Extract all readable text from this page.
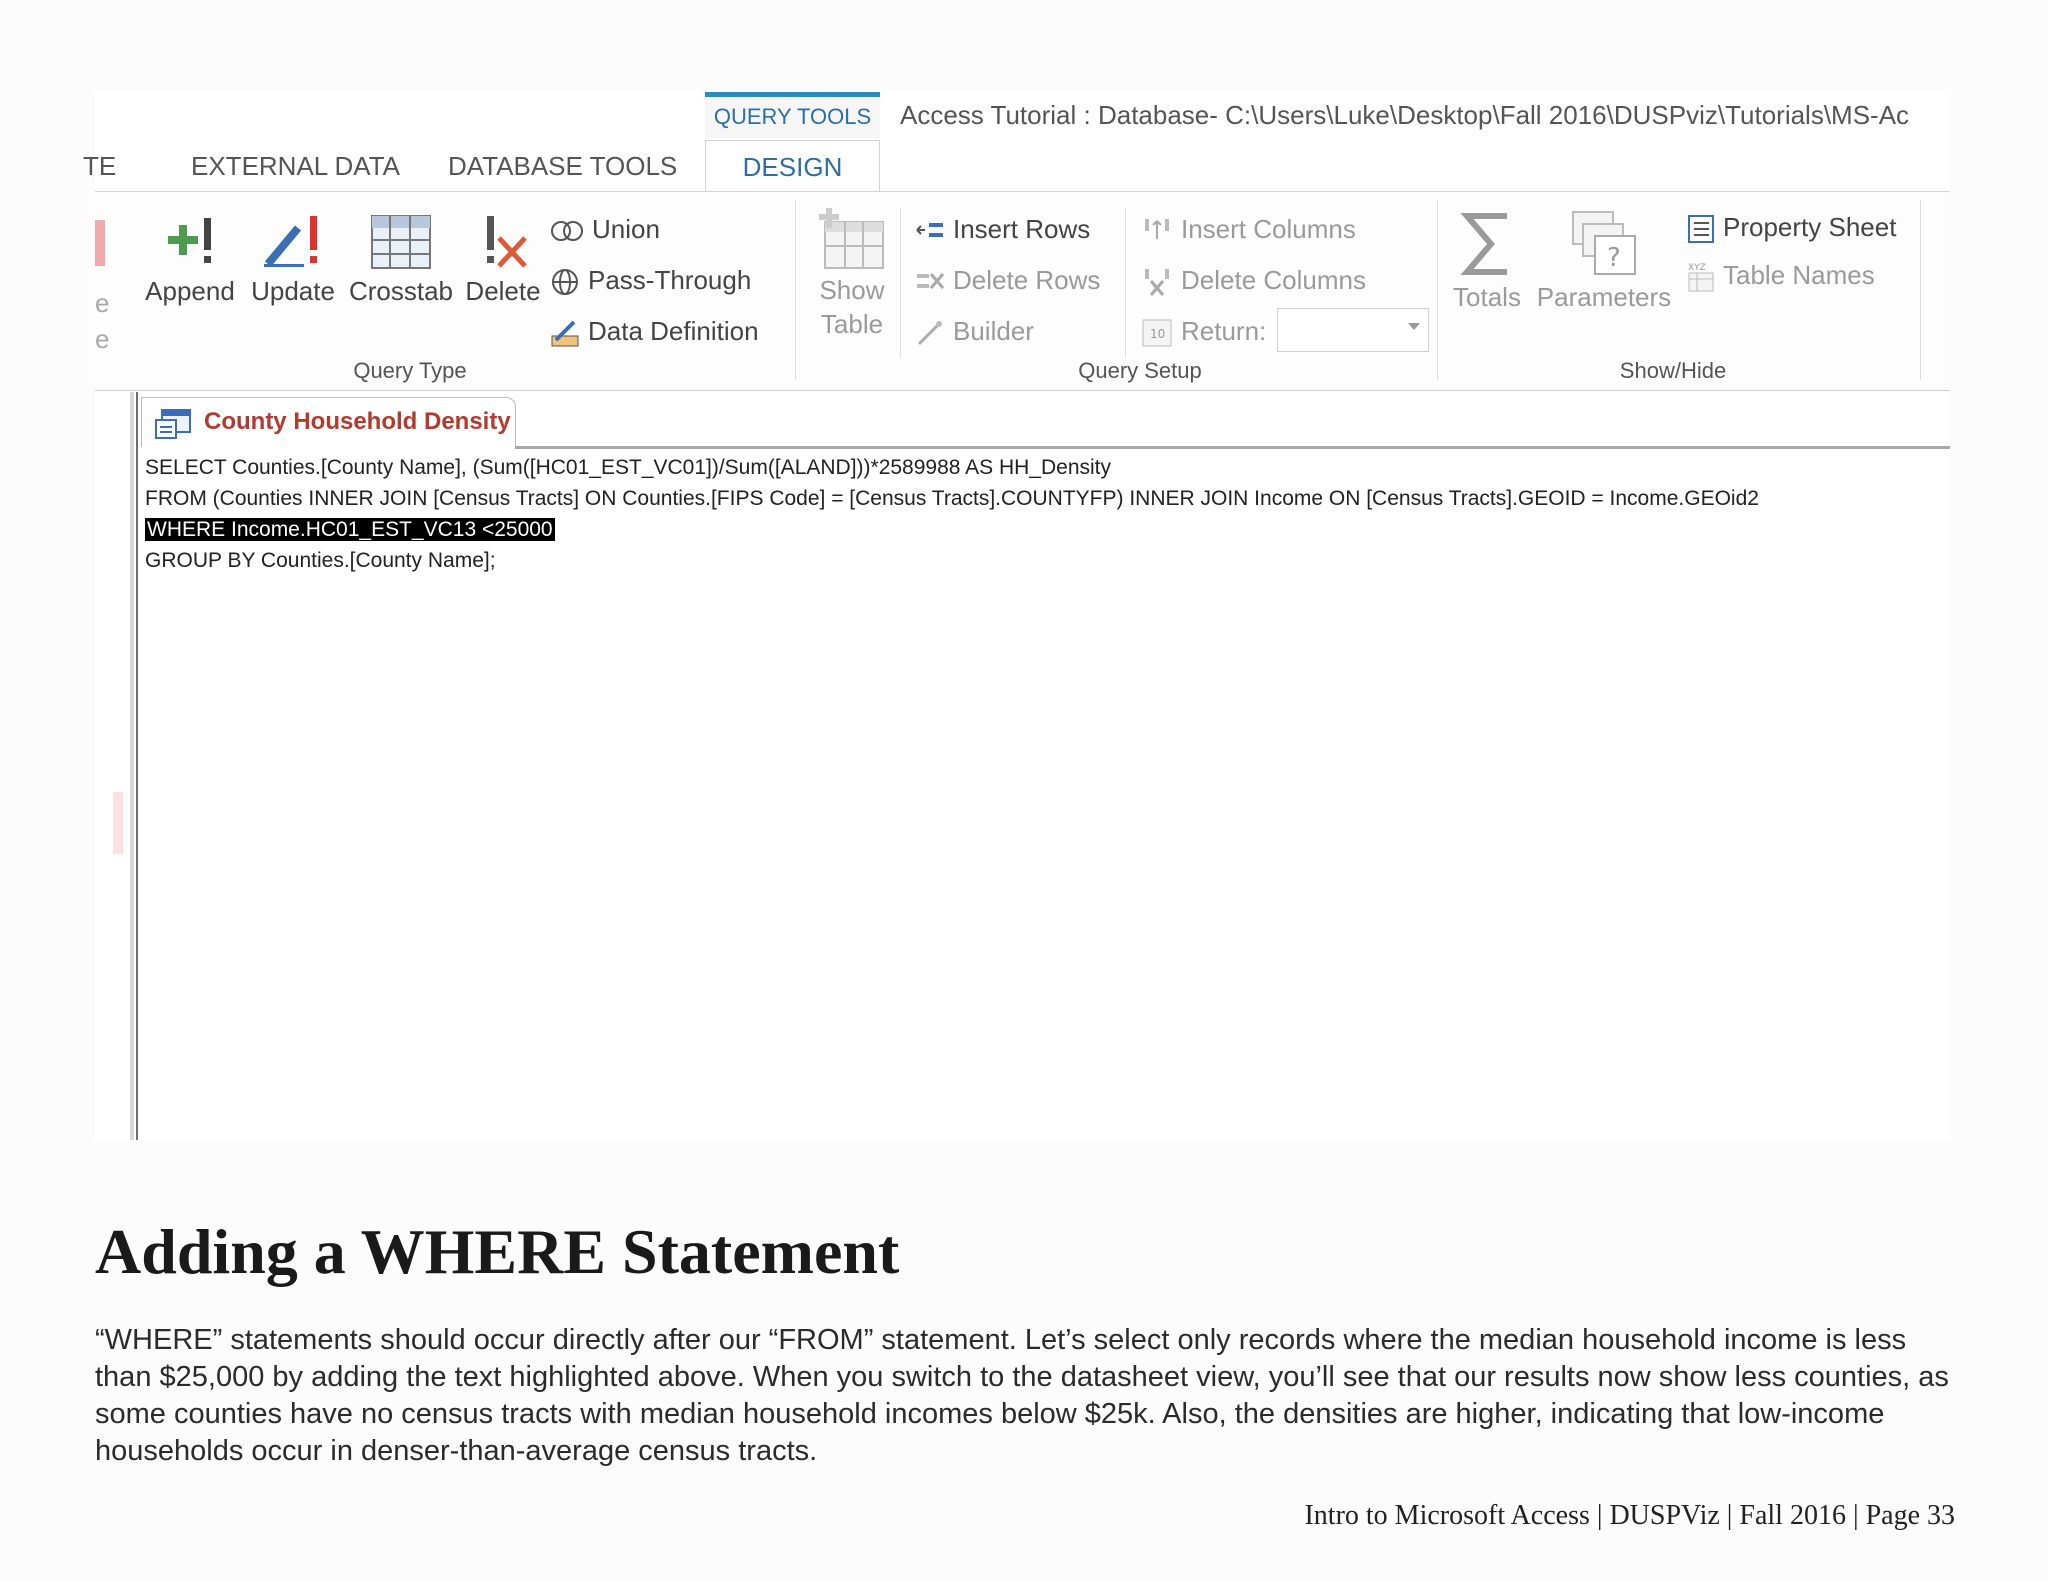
QUERY TOOLS	Access Tutorial : Database- C:\Users\Luke\Desktop\Fall 2016\DUSPviz\Tutorials\MS-Ac
TE	EXTERNAL DATA DATABASE TOOLS	DESIGN
e
e
Append Update Crosstab Delete
Union
Pass-Through
Data Definition
Query Type
Show
Table
Insert Rows
Delete Rows
Builder
Insert Columns
Delete Columns
10 Return:
Query Setup
Totals
?
Parameters
Property Sheet
XYZ Table Names
Show/Hide
County Household Density
SELECT Counties.[County Name], (Sum([HC01_EST_VC01])/Sum([ALAND]))*2589988 AS HH_Density
FROM (Counties INNER JOIN [Census Tracts] ON Counties.[FIPS Code] = [Census Tracts].COUNTYFP) INNER JOIN Income ON [Census Tracts].GEOID = Income.GEOid2
WHERE Income.HC01_EST_VC13 <25000
GROUP BY Counties.[County Name];
Adding a WHERE Statement

“WHERE” statements should occur directly after our “FROM” statement. Let’s select only records where the median household income is less than $25,000 by adding the text highlighted above. When you switch to the datasheet view, you’ll see that our results now show less counties, as some counties have no census tracts with median household incomes below $25k. Also, the densities are higher, indicating that low-income households occur in denser-than-average census tracts.

Intro to Microsoft Access | DUSPViz | Fall 2016 | Page 33
